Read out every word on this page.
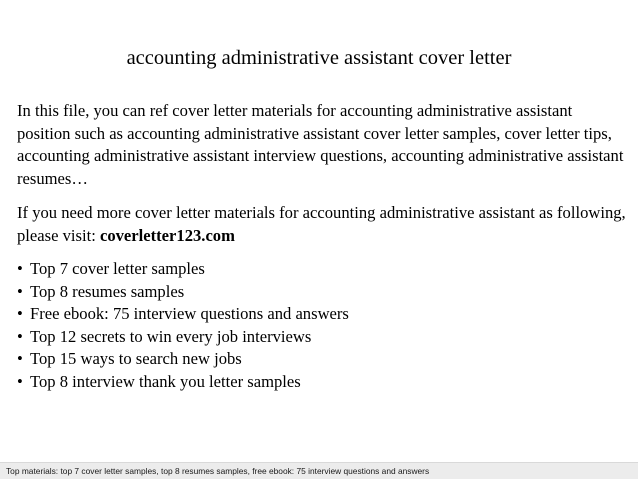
accounting administrative assistant cover letter

In this file, you can ref cover letter materials for accounting administrative assistant position such as accounting administrative assistant cover letter samples, cover letter tips, accounting administrative assistant interview questions, accounting administrative assistant resumes…

If you need more cover letter materials for accounting administrative assistant as following, please visit: coverletter123.com

• Top 7 cover letter samples
• Top 8 resumes samples
• Free ebook: 75 interview questions and answers
• Top 12 secrets to win every job interviews
• Top 15 ways to search new jobs
• Top 8 interview thank you letter samples
Top materials: top 7 cover letter samples, top 8 resumes samples, free ebook: 75 interview questions and answers
